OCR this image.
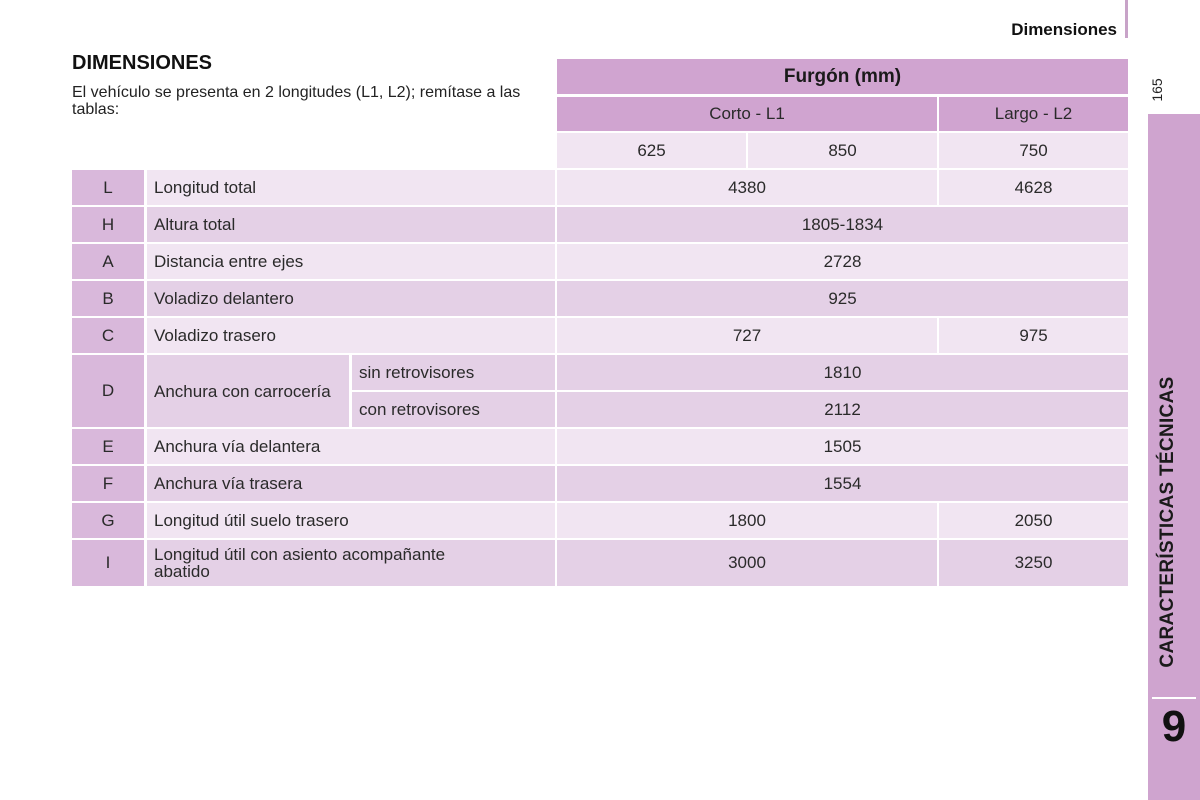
Dimensiones
165
CARACTERÍSTICAS TÉCNICAS
9
DIMENSIONES
El vehículo se presenta en 2 longitudes (L1, L2); remítase a las tablas:
Furgón (mm)
Corto - L1	Largo - L2
625	850	750
L	Longitud total	4380	4628
H	Altura total	1805-1834
A	Distancia entre ejes	2728
B	Voladizo delantero	925
C	Voladizo trasero	727	975
D	Anchura con carrocería
sin retrovisores	1810
con retrovisores	2112
E	Anchura vía delantera	1505
F	Anchura vía trasera	1554
G	Longitud útil suelo trasero	1800	2050
I	Longitud útil con asiento acompañante abatido	3000	3250
